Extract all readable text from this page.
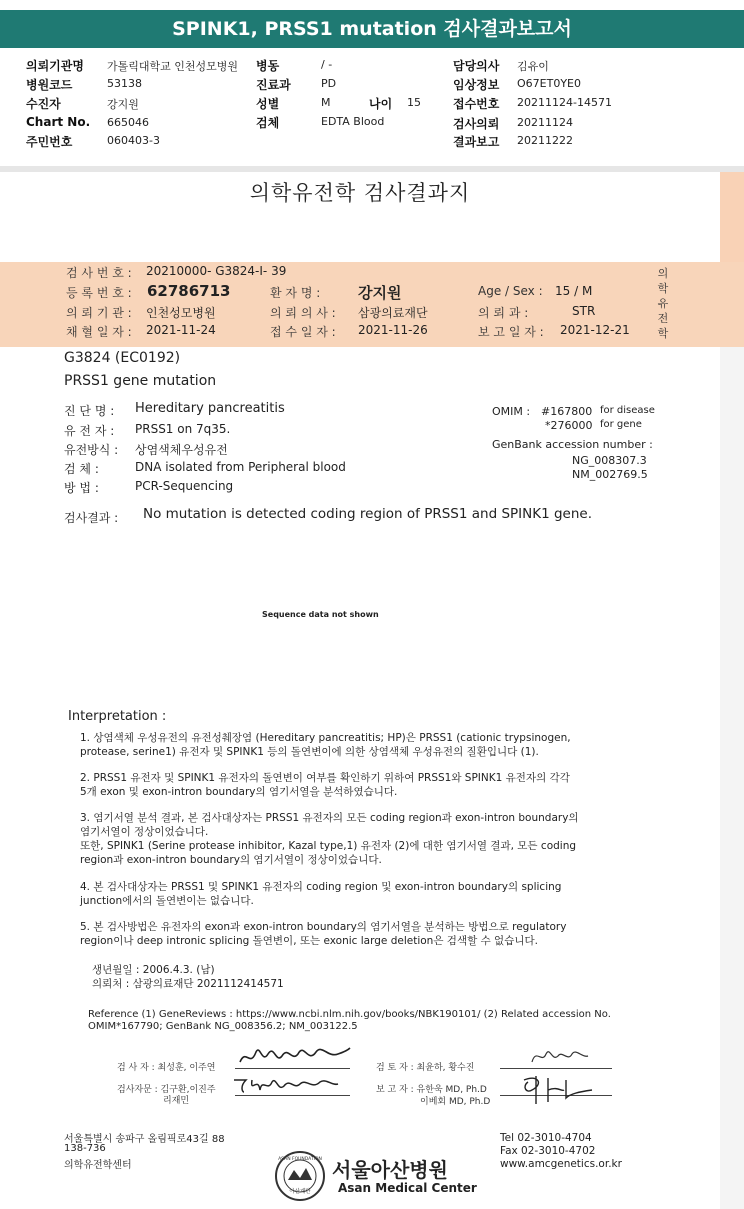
SPINK1, PRSS1 mutation 검사결과보고서
의뢰기관명 가톨릭대학교 인천성모병원
병원코드	53138
수진자	강지원
Chart No. 665046
주민번호	060403-3
병동	/ -
진료과	PD
성별	M	나이 15
검체	EDTA Blood
담당의사 김유이
임상정보 O67ET0YE0
접수번호 20211124-14571
검사의뢰 20211124
결과보고 20211222
의학유전학 검사결과지
검 사 번 호 : 20210000- G3824-I- 39
등 록 번 호 : 62786713	환 자 명 :	강지원	Age / Sex : 15 / M
의 뢰 기 관 : 인천성모병원	의 뢰 의 사 : 삼광의료재단	의 뢰 과 :	STR
채 혈 일 자 : 2021-11-24	접 수 일 자 : 2021-11-26	보 고 일 자 : 2021-12-21
의
학
유
전
학
G3824 (EC0192)
PRSS1 gene mutation
진 단 명 : Hereditary pancreatitis
유 전 자 : PRSS1 on 7q35.
유전방식 : 상염색체우성유전
검 체 :	DNA isolated from Peripheral blood
방 법 :	PCR-Sequencing
OMIM : #167800 for disease
*276000 for gene
GenBank accession number :
NG_008307.3
NM_002769.5
검사결과 : No mutation is detected coding region of PRSS1 and SPINK1 gene.
Sequence data not shown
Interpretation :
1. 상염색체 우성유전의 유전성췌장염 (Hereditary pancreatitis; HP)은 PRSS1 (cationic trypsinogen,
protease, serine1) 유전자 및 SPINK1 등의 돌연변이에 의한 상염색체 우성유전의 질환입니다 (1).
2. PRSS1 유전자 및 SPINK1 유전자의 돌연변이 여부를 확인하기 위하여 PRSS1와 SPINK1 유전자의 각각
5개 exon 및 exon-intron boundary의 염기서열을 분석하였습니다.
3. 염기서열 분석 결과, 본 검사대상자는 PRSS1 유전자의 모든 coding region과 exon-intron boundary의
염기서열이 정상이었습니다.
또한, SPINK1 (Serine protease inhibitor, Kazal type,1) 유전자 (2)에 대한 염기서열 결과, 모든 coding
region과 exon-intron boundary의 염기서열이 정상이었습니다.
4. 본 검사대상자는 PRSS1 및 SPINK1 유전자의 coding region 및 exon-intron boundary의 splicing
junction에서의 돌연변이는 없습니다.
5. 본 검사방법은 유전자의 exon과 exon-intron boundary의 염기서열을 분석하는 방법으로 regulatory
region이나 deep intronic splicing 돌연변이, 또는 exonic large deletion은 검색할 수 없습니다.
생년월일 : 2006.4.3. (남)
의뢰처 : 삼광의료재단 2021112414571
Reference (1) GeneReviews : https://www.ncbi.nlm.nih.gov/books/NBK190101/ (2) Related accession No.
OMIM*167790; GenBank NG_008356.2; NM_003122.5
검 사 자 : 최성훈, 이주연	검 토 자 : 최윤하, 황수진
검사자문 : 김구환,이진주
리재민
보 고 자 : 유한욱 MD, Ph.D
이베회 MD, Ph.D
서울특별시 송파구 올림픽로43길 88
138-736
의학유전학센터
아산재단
ASAN FOUNDATION 서울아산병원
Asan Medical Center
Tel 02-3010-4704
Fax 02-3010-4702
www.amcgenetics.or.kr
